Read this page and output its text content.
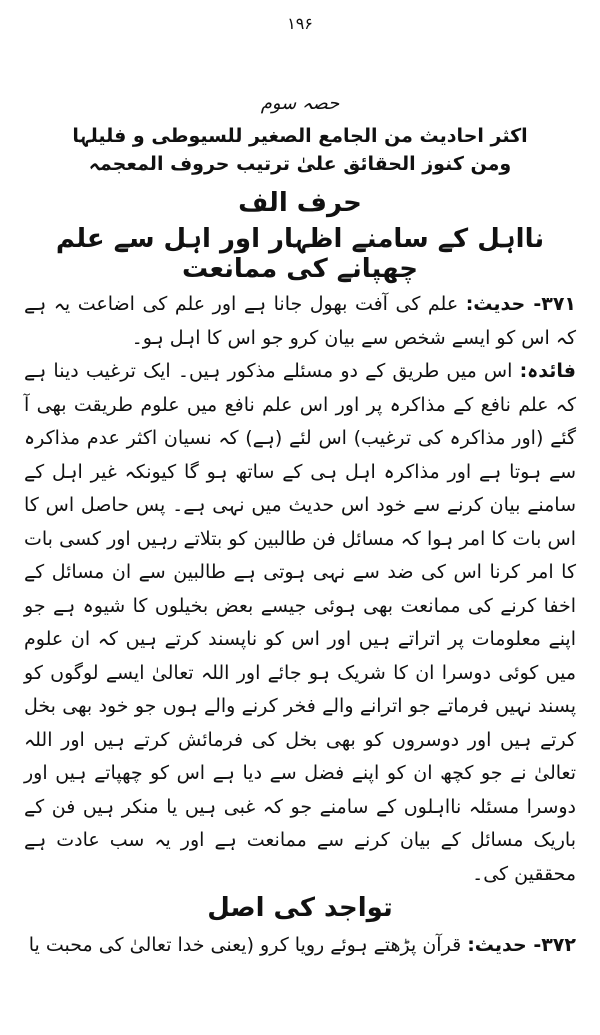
۱۹۶
حصہ سوم

اکثر احادیث من الجامع الصغیر للسیوطی و فلیلہا

ومن کنوز الحقائق علیٰ ترتیب حروف المعجمہ

حرف الف
نااہل کے سامنے اظہار اور اہل سے علم چھپانے کی ممانعت

۳۷۱- حدیث: علم کی آفت بھول جانا ہے اور علم کی اضاعت یہ ہے کہ اس کو ایسے شخص سے بیان کرو جو اس کا اہل ہو۔

فائدہ: اس میں طریق کے دو مسئلے مذکور ہیں۔ ایک ترغیب دینا ہے کہ علم نافع کے مذاکرہ پر اور اس علم نافع میں علوم طریقت بھی آ گئے (اور مذاکرہ کی ترغیب) اس لئے (ہے) کہ نسیان اکثر عدم مذاکرہ سے ہوتا ہے اور مذاکرہ اہل ہی کے ساتھ ہو گا کیونکہ غیر اہل کے سامنے بیان کرنے سے خود اس حدیث میں نہی ہے۔ پس حاصل اس کا اس بات کا امر ہوا کہ مسائل فن طالبین کو بتلاتے رہیں اور کسی بات کا امر کرنا اس کی ضد سے نہی ہوتی ہے طالبین سے ان مسائل کے اخفا کرنے کی ممانعت بھی ہوئی جیسے بعض بخیلوں کا شیوہ ہے جو اپنے معلومات پر اتراتے ہیں اور اس کو ناپسند کرتے ہیں کہ ان علوم میں کوئی دوسرا ان کا شریک ہو جائے اور اللہ تعالیٰ ایسے لوگوں کو پسند نہیں فرماتے جو اترانے والے فخر کرنے والے ہوں جو خود بھی بخل کرتے ہیں اور دوسروں کو بھی بخل کی فرمائش کرتے ہیں اور اللہ تعالیٰ نے جو کچھ ان کو اپنے فضل سے دیا ہے اس کو چھپاتے ہیں اور دوسرا مسئلہ نااہلوں کے سامنے جو کہ غبی ہیں یا منکر ہیں فن کے باریک مسائل کے بیان کرنے سے ممانعت ہے اور یہ سب عادت ہے محققین کی۔

تواجد کی اصل

۳۷۲- حدیث: قرآن پڑھتے ہوئے رویا کرو (یعنی خدا تعالیٰ کی محبت یا
